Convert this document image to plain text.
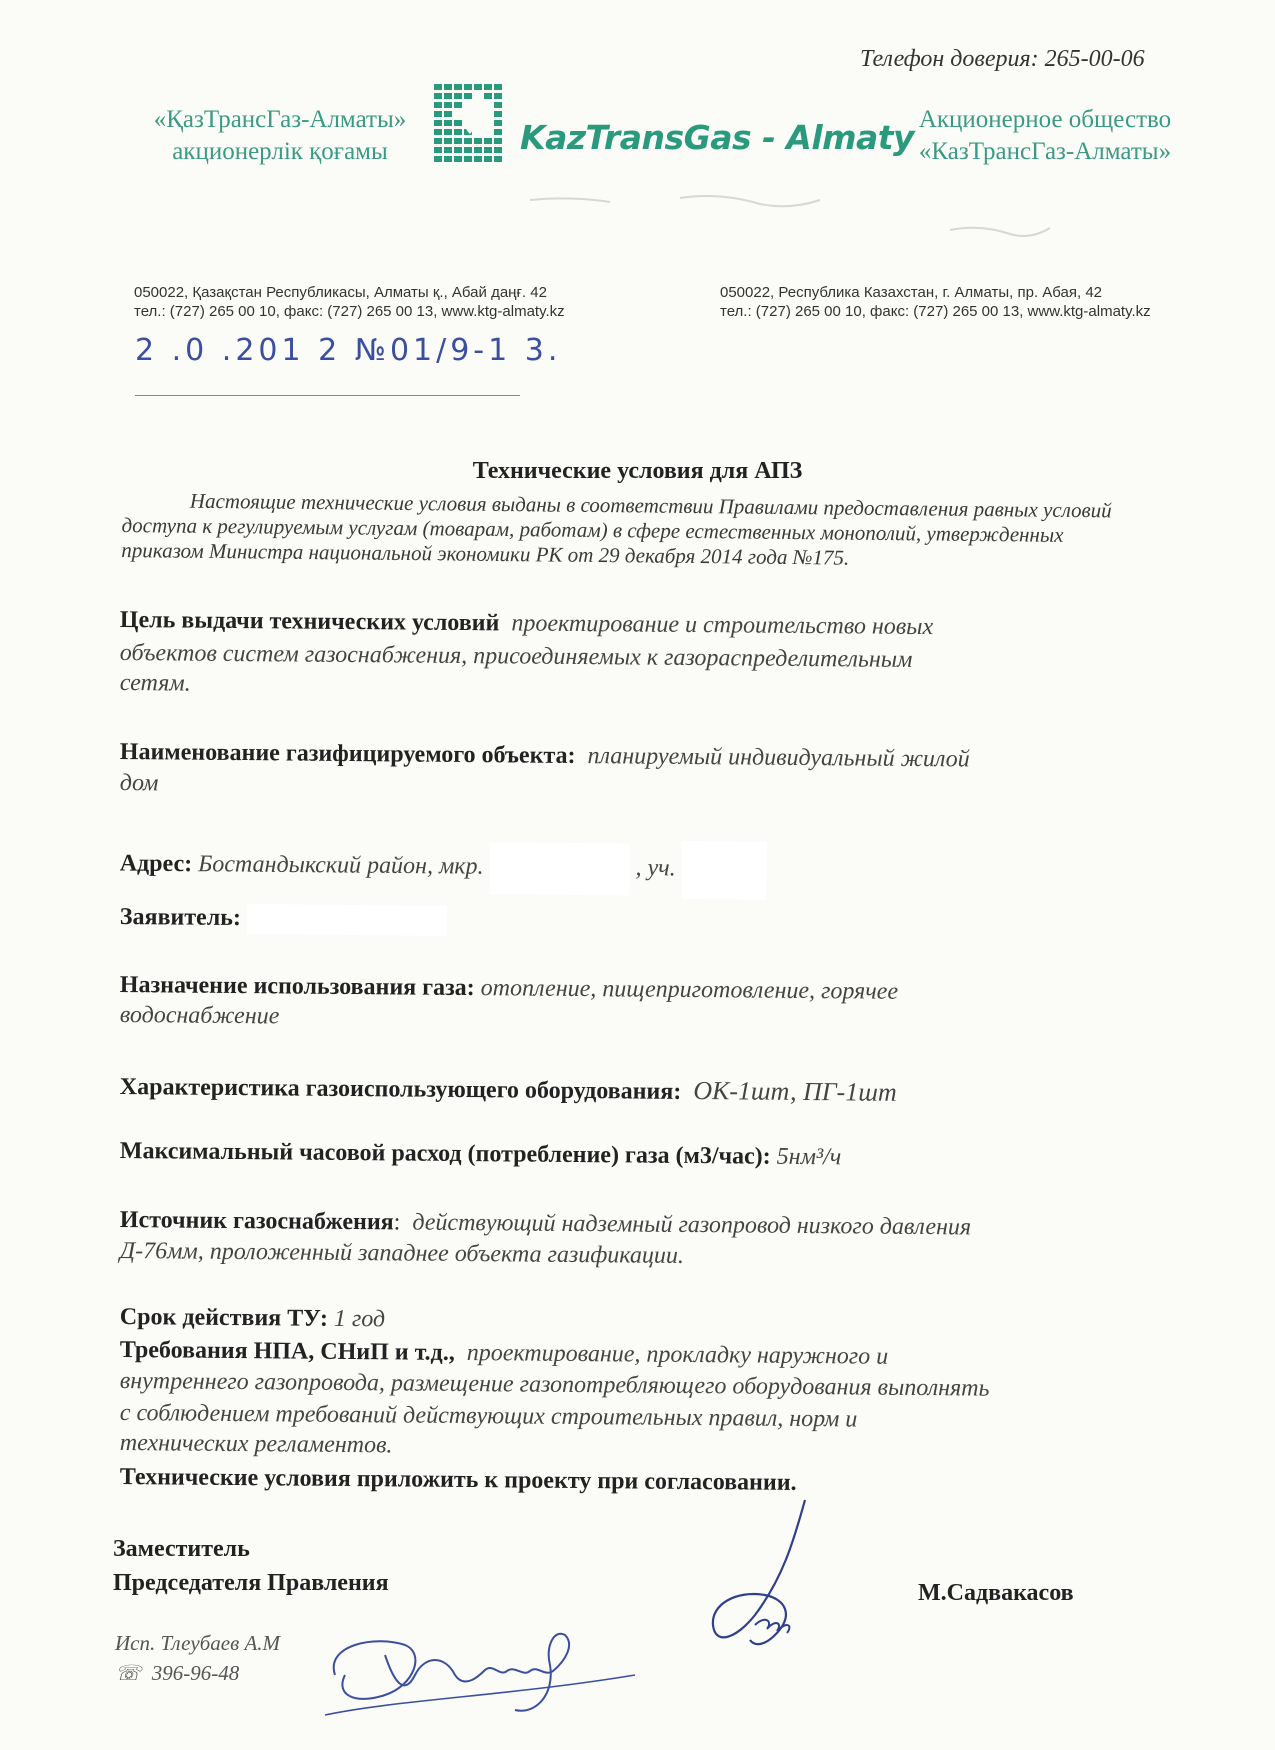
Телефон доверия: 265-00-06
«ҚазТрансГаз-Алматы»
акционерлік қоғамы	KazTransGas - Almaty Акционерное общество
«КазТрансГаз-Алматы»
050022, Қазақстан Республикасы, Алматы қ., Абай даңғ. 42
тел.: (727) 265 00 10, факс: (727) 265 00 13, www.ktg-almaty.kz
050022, Республика Казахстан, г. Алматы, пр. Абая, 42
тел.: (727) 265 00 10, факс: (727) 265 00 13, www.ktg-almaty.kz
2 .0 .201 2 №01/9-1 3.
Технические условия для АПЗ
Настоящие технические условия выданы в соответствии Правилами предоставления равных условий доступа к регулируемым услугам (товарам, работам) в сфере естественных монополий, утвержденных приказом Министра национальной экономики РК от 29 декабря 2014 года №175.
Цель выдачи технических условий проектирование и строительство новых
объектов систем газоснабжения, присоединяемых к газораспределительным
сетям.
Наименование газифицируемого объекта: планируемый индивидуальный жилой
дом
Адрес: Бостандыкский район, мкр.	, уч.
Заявитель:
Назначение использования газа: отопление, пищеприготовление, горячее
водоснабжение
Характеристика газоиспользующего оборудования: ОК-1шт, ПГ-1шт
Максимальный часовой расход (потребление) газа (м3/час): 5нм³/ч
Источник газоснабжения:  действующий надземный газопровод низкого давления
Д-76мм, проложенный западнее объекта газификации.
Срок действия ТУ: 1 год
Требования НПА, СНиП и т.д., проектирование, прокладку наружного и
внутреннего газопровода, размещение газопотребляющего оборудования выполнять
с соблюдением требований действующих строительных правил, норм и
технических регламентов.
Технические условия приложить к проекту при согласовании.
Заместитель
Председателя Правления	М.Садвакасов
Исп. Тлеубаев А.М
☏ 396-96-48
